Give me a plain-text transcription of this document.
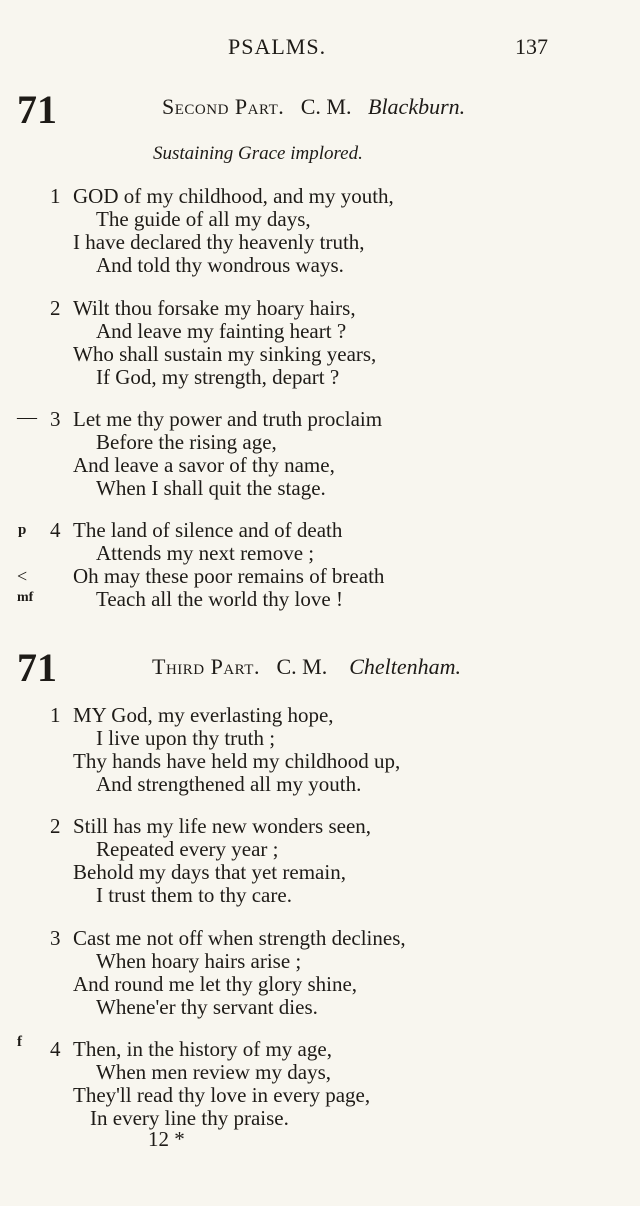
PSALMS.	137
71	Second Part. C. M. Blackburn.
Sustaining Grace implored.
1 GOD of my childhood, and my youth,
The guide of all my days,
I have declared thy heavenly truth,
And told thy wondrous ways.
2 Wilt thou forsake my hoary hairs,
And leave my fainting heart ?
Who shall sustain my sinking years,
If God, my strength, depart ?
— 3 Let me thy power and truth proclaim
Before the rising age,
And leave a savor of thy name,
When I shall quit the stage.
p 4 The land of silence and of death
Attends my next remove ;
< Oh may these poor remains of breath
mf	Teach all the world thy love !
71	Third Part. C. M. Cheltenham.
1 MY God, my everlasting hope,
I live upon thy truth ;
Thy hands have held my childhood up,
And strengthened all my youth.
2 Still has my life new wonders seen,
Repeated every year ;
Behold my days that yet remain,
I trust them to thy care.
3 Cast me not off when strength declines,
When hoary hairs arise ;
And round me let thy glory shine,
Whene'er thy servant dies.
f 4 Then, in the history of my age,
When men review my days,
They'll read thy love in every page,
In every line thy praise.
12 *
